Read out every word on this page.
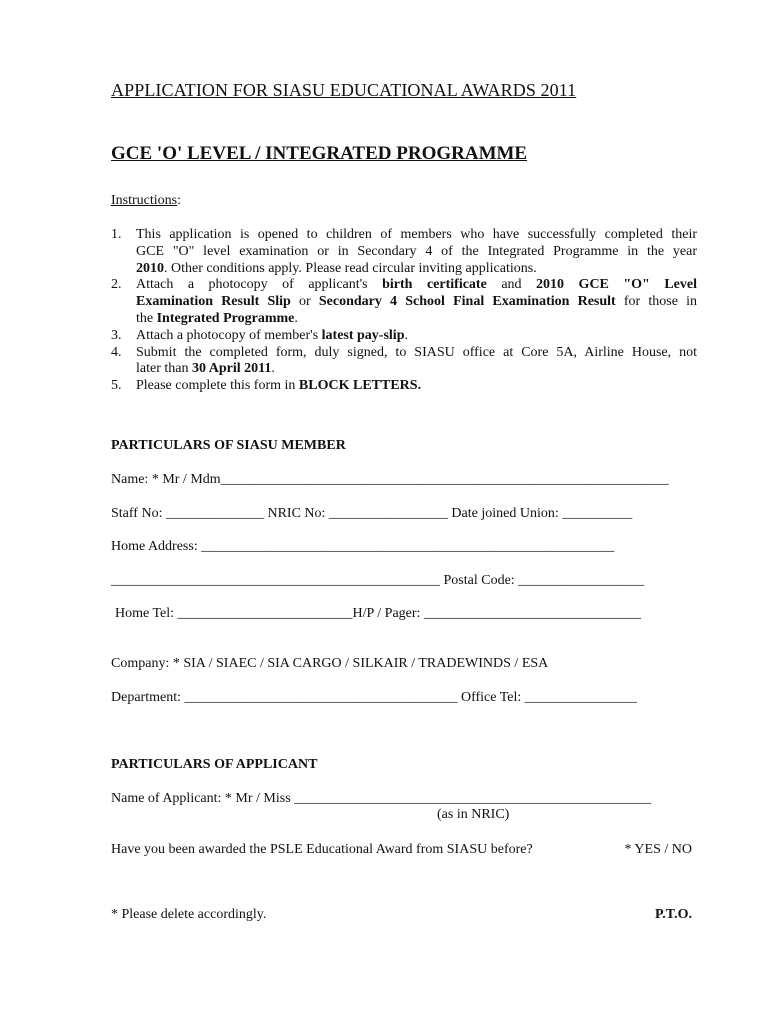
APPLICATION FOR SIASU EDUCATIONAL AWARDS 2011
GCE 'O' LEVEL / INTEGRATED PROGRAMME
Instructions:
1.	This application is opened to children of members who have successfully completed their
GCE "O" level examination or in Secondary 4 of the Integrated Programme in the year
2010. Other conditions apply. Please read circular inviting applications.
2.	Attach a photocopy of applicant's birth certificate and 2010 GCE "O" Level
Examination Result Slip or Secondary 4 School Final Examination Result for those in
the Integrated Programme.
3.	Attach a photocopy of member's latest pay-slip.
4.	Submit the completed form, duly signed, to SIASU office at Core 5A, Airline House, not
later than 30 April 2011.
5.	Please complete this form in BLOCK LETTERS.
PARTICULARS OF SIASU MEMBER
Name: * Mr / Mdm________________________________________________________________
Staff No: ______________ NRIC No: _________________ Date joined Union: __________
Home Address: ___________________________________________________________
_______________________________________________ Postal Code: __________________
Home Tel: _________________________H/P / Pager: _______________________________
Company: * SIA / SIAEC / SIA CARGO / SILKAIR / TRADEWINDS / ESA
Department: _______________________________________ Office Tel: ________________
PARTICULARS OF APPLICANT
Name of Applicant: * Mr / Miss ___________________________________________________
(as in NRIC)
Have you been awarded the PSLE Educational Award from SIASU before?	* YES / NO
* Please delete accordingly.	P.T.O.
